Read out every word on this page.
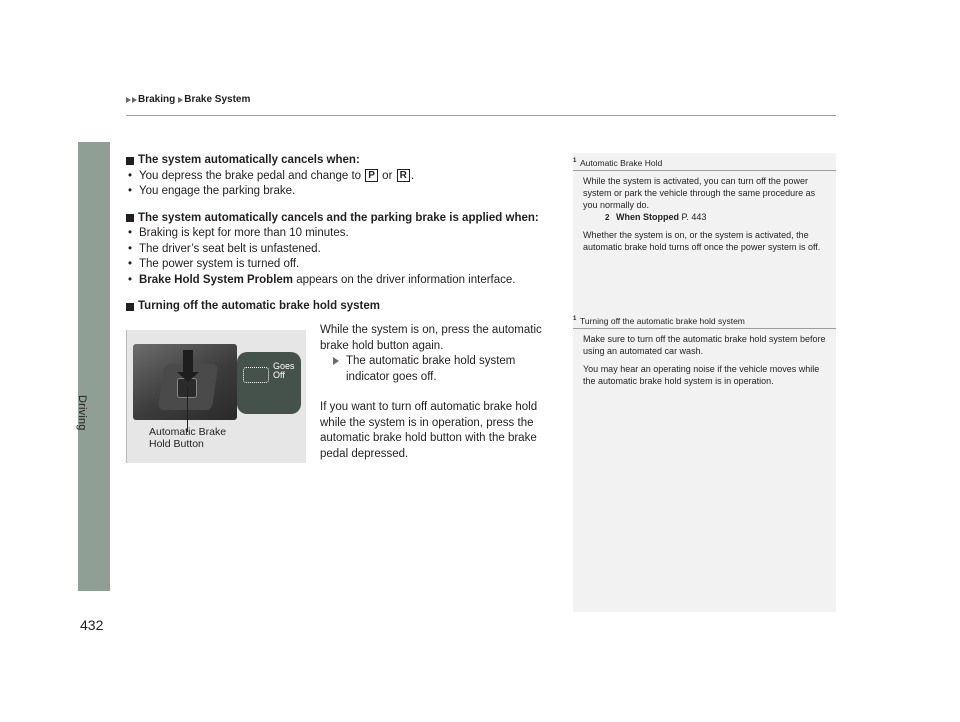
Braking Brake System
Driving
432
The system automatically cancels when:
• You depress the brake pedal and change to P or R .
• You engage the parking brake.
The system automatically cancels and the parking brake is applied when:
• Braking is kept for more than 10 minutes.
• The driver’s seat belt is unfastened.
• The power system is turned off.
• Brake Hold System Problem appears on the driver information interface.
Turning off the automatic brake hold system
Goes
Off
Automatic Brake
Hold Button

While the system is on, press the automatic brake hold button again.

The automatic brake hold system indicator goes off.

If you want to turn off automatic brake hold while the system is in operation, press the automatic brake hold button with the brake pedal depressed.

1 Automatic Brake Hold

While the system is activated, you can turn off the power system or park the vehicle through the same procedure as you normally do.

2 When Stopped P. 443

Whether the system is on, or the system is activated, the automatic brake hold turns off once the power system is off.

1 Turning off the automatic brake hold system

Make sure to turn off the automatic brake hold system before using an automated car wash.

You may hear an operating noise if the vehicle moves while the automatic brake hold system is in operation.
